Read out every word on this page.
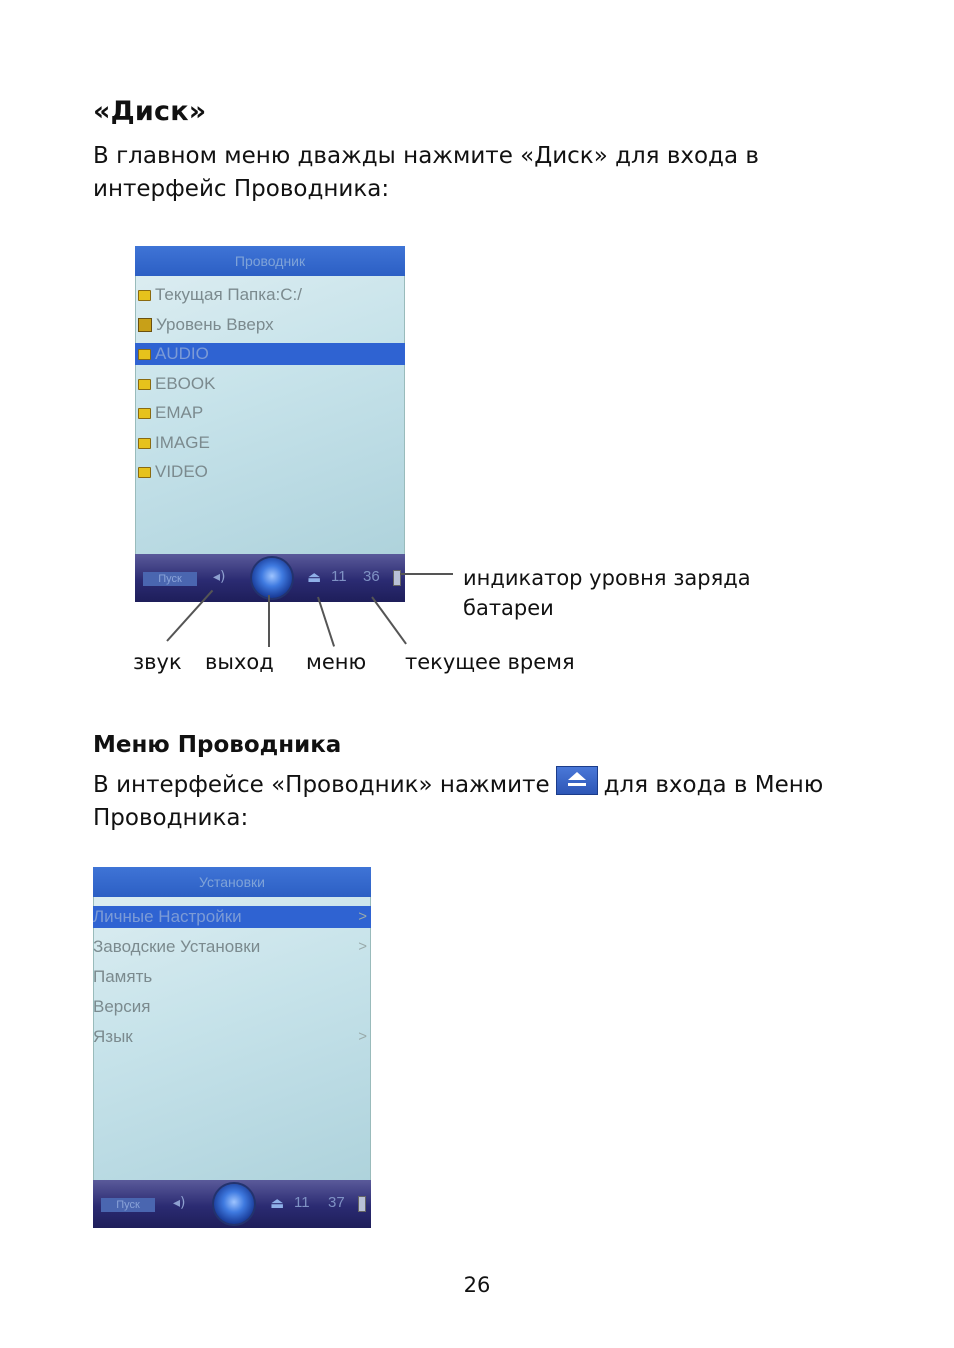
«Диск»

В главном меню дважды нажмите «Диск» для входа в интерфейс Проводника:

Проводник
Текущая Папка:C:/
Уровень Вверх
AUDIO
EBOOK
EMAP
IMAGE
VIDEO
Пуск	◂)	⏏ 11 36	индикатор уровня заряда
батареи
звук выход меню текущее время
Меню Проводника

В интерфейсе «Проводник» нажмите для входа в Меню
Проводника:

Установки
Личные Настройки	>
Заводские Установки	>
Память
Версия
Язык	>
Пуск	◂)	⏏ 11 37
26
